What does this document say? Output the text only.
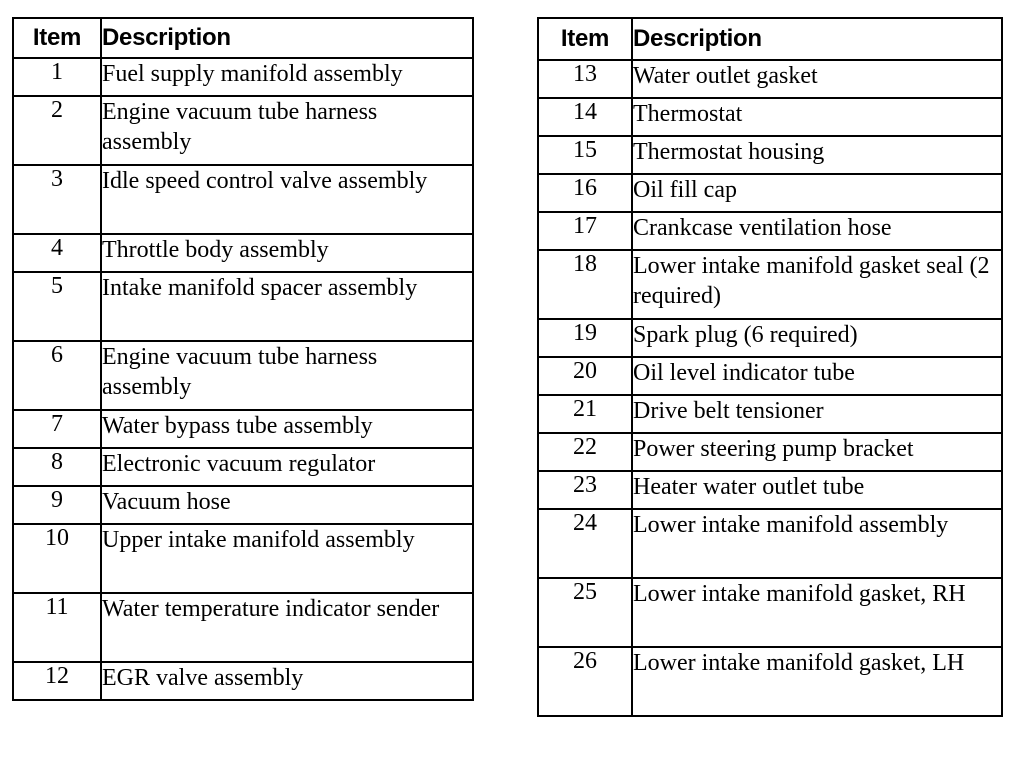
Item	Description
1	Fuel supply manifold assembly
2	Engine vacuum tube harness assembly
3	Idle speed control valve assembly
4	Throttle body assembly
5	Intake manifold spacer assembly
6	Engine vacuum tube harness assembly
7	Water bypass tube assembly
8	Electronic vacuum regulator
9	Vacuum hose
10	Upper intake manifold assembly
11	Water temperature indicator sender
12	EGR valve assembly
Item	Description
13	Water outlet gasket
14	Thermostat
15	Thermostat housing
16	Oil fill cap
17	Crankcase ventilation hose
18	Lower intake manifold gasket seal (2 required)
19	Spark plug (6 required)
20	Oil level indicator tube
21	Drive belt tensioner
22	Power steering pump bracket
23	Heater water outlet tube
24	Lower intake manifold assembly
25	Lower intake manifold gasket, RH
26	Lower intake manifold gasket, LH
